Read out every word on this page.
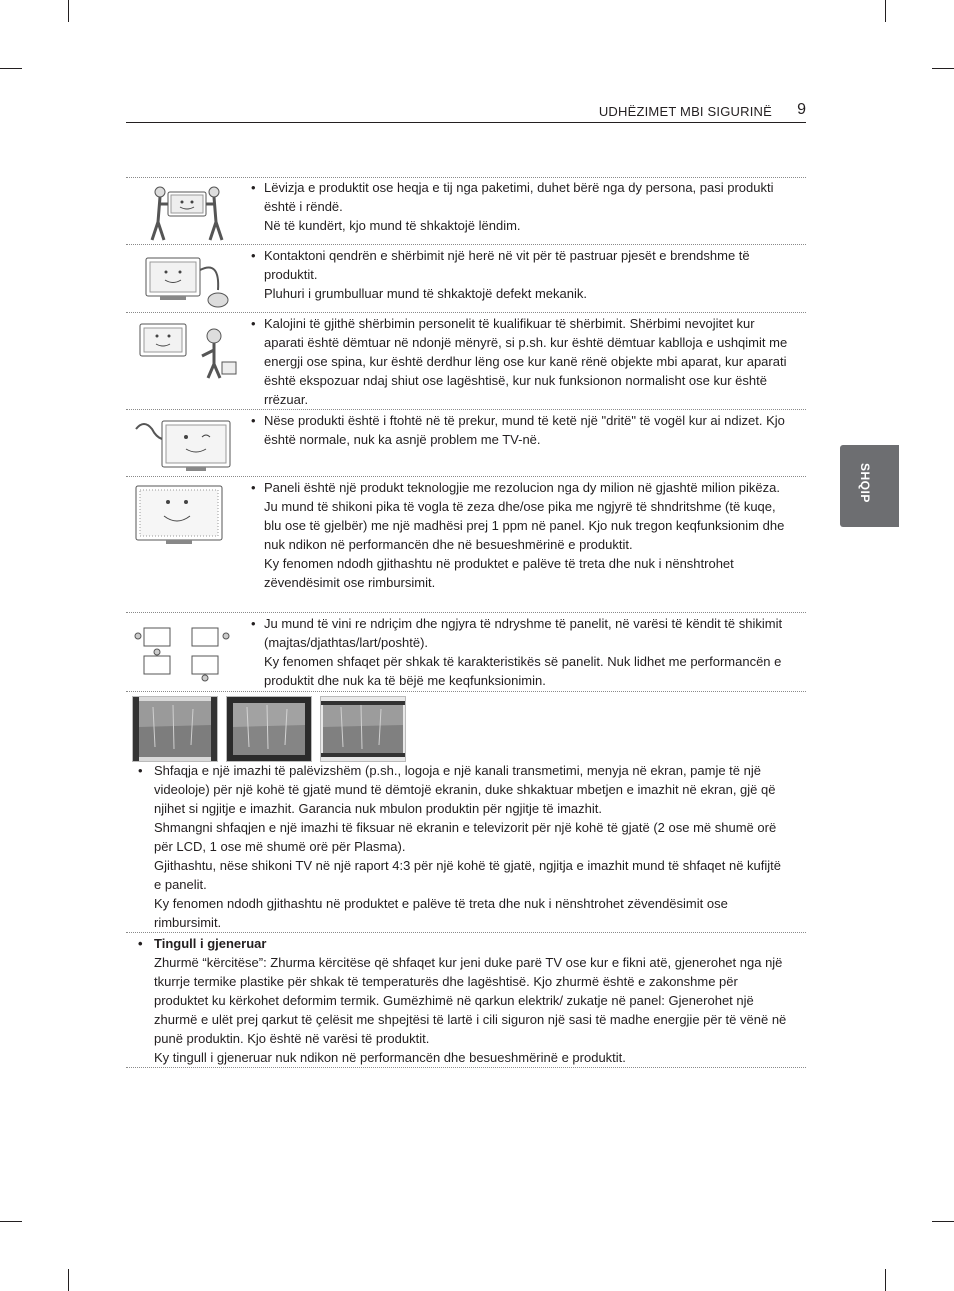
UDHËZIMET MBI SIGURINË 9
SHQIP
• Lëvizja e produktit ose heqja e tij nga paketimi, duhet bërë nga dy persona, pasi produkti është i rëndë.

Në të kundërt, kjo mund të shkaktojë lëndim.

• Kontaktoni qendrën e shërbimit një herë në vit për të pastruar pjesët e brendshme të produktit.

Pluhuri i grumbulluar mund të shkaktojë defekt mekanik.

• Kalojini të gjithë shërbimin personelit të kualifikuar të shërbimit. Shërbimi nevojitet kur aparati është dëmtuar në ndonjë mënyrë, si p.sh. kur është dëmtuar kablloja e ushqimit me energji ose spina, kur është derdhur lëng ose kur kanë rënë objekte mbi aparat, kur aparati është ekspozuar ndaj shiut ose lagështisë, kur nuk funksionon normalisht ose kur është rrëzuar.

• Nëse produkti është i ftohtë në të prekur, mund të ketë një "dritë" të vogël kur ai ndizet. Kjo është normale, nuk ka asnjë problem me TV-në.

• Paneli është një produkt teknologjie me rezolucion nga dy milion në gjashtë milion pikëza. Ju mund të shikoni pika të vogla të zeza dhe/ose pika me ngjyrë të shndritshme (të kuqe, blu ose të gjelbër) me një madhësi prej 1 ppm në panel. Kjo nuk tregon keqfunksionim dhe nuk ndikon në performancën dhe në besueshmërinë e produktit.

Ky fenomen ndodh gjithashtu në produktet e palëve të treta dhe nuk i nënshtrohet zëvendësimit ose rimbursimit.

• Ju mund të vini re ndriçim dhe ngjyra të ndryshme të panelit, në varësi të këndit të shikimit (majtas/djathtas/lart/poshtë).

Ky fenomen shfaqet për shkak të karakteristikës së panelit. Nuk lidhet me performancën e produktit dhe nuk ka të bëjë me keqfunksionimin.

• Shfaqja e një imazhi të palëvizshëm (p.sh., logoja e një kanali transmetimi, menyja në ekran, pamje të një videoloje) për një kohë të gjatë mund të dëmtojë ekranin, duke shkaktuar mbetjen e imazhit në ekran, gjë që njihet si ngjitje e imazhit. Garancia nuk mbulon produktin për ngjitje të imazhit.

Shmangni shfaqjen e një imazhi të fiksuar në ekranin e televizorit për një kohë të gjatë (2 ose më shumë orë për LCD, 1 ose më shumë orë për Plasma).

Gjithashtu, nëse shikoni TV në një raport 4:3 për një kohë të gjatë, ngjitja e imazhit mund të shfaqet në kufijtë e panelit.

Ky fenomen ndodh gjithashtu në produktet e palëve të treta dhe nuk i nënshtrohet zëvendësimit ose rimbursimit.

• Tingull i gjeneruar

Zhurmë “kërcitëse”: Zhurma kërcitëse që shfaqet kur jeni duke parë TV ose kur e fikni atë, gjenerohet nga një tkurrje termike plastike për shkak të temperaturës dhe lagështisë. Kjo zhurmë është e zakonshme për produktet ku kërkohet deformim termik. Gumëzhimë në qarkun elektrik/ zukatje në panel: Gjenerohet një zhurmë e ulët prej qarkut të çelësit me shpejtësi të lartë i cili siguron një sasi të madhe energjie për të vënë në punë produktin. Kjo është në varësi të produktit.

Ky tingull i gjeneruar nuk ndikon në performancën dhe besueshmërinë e produktit.
